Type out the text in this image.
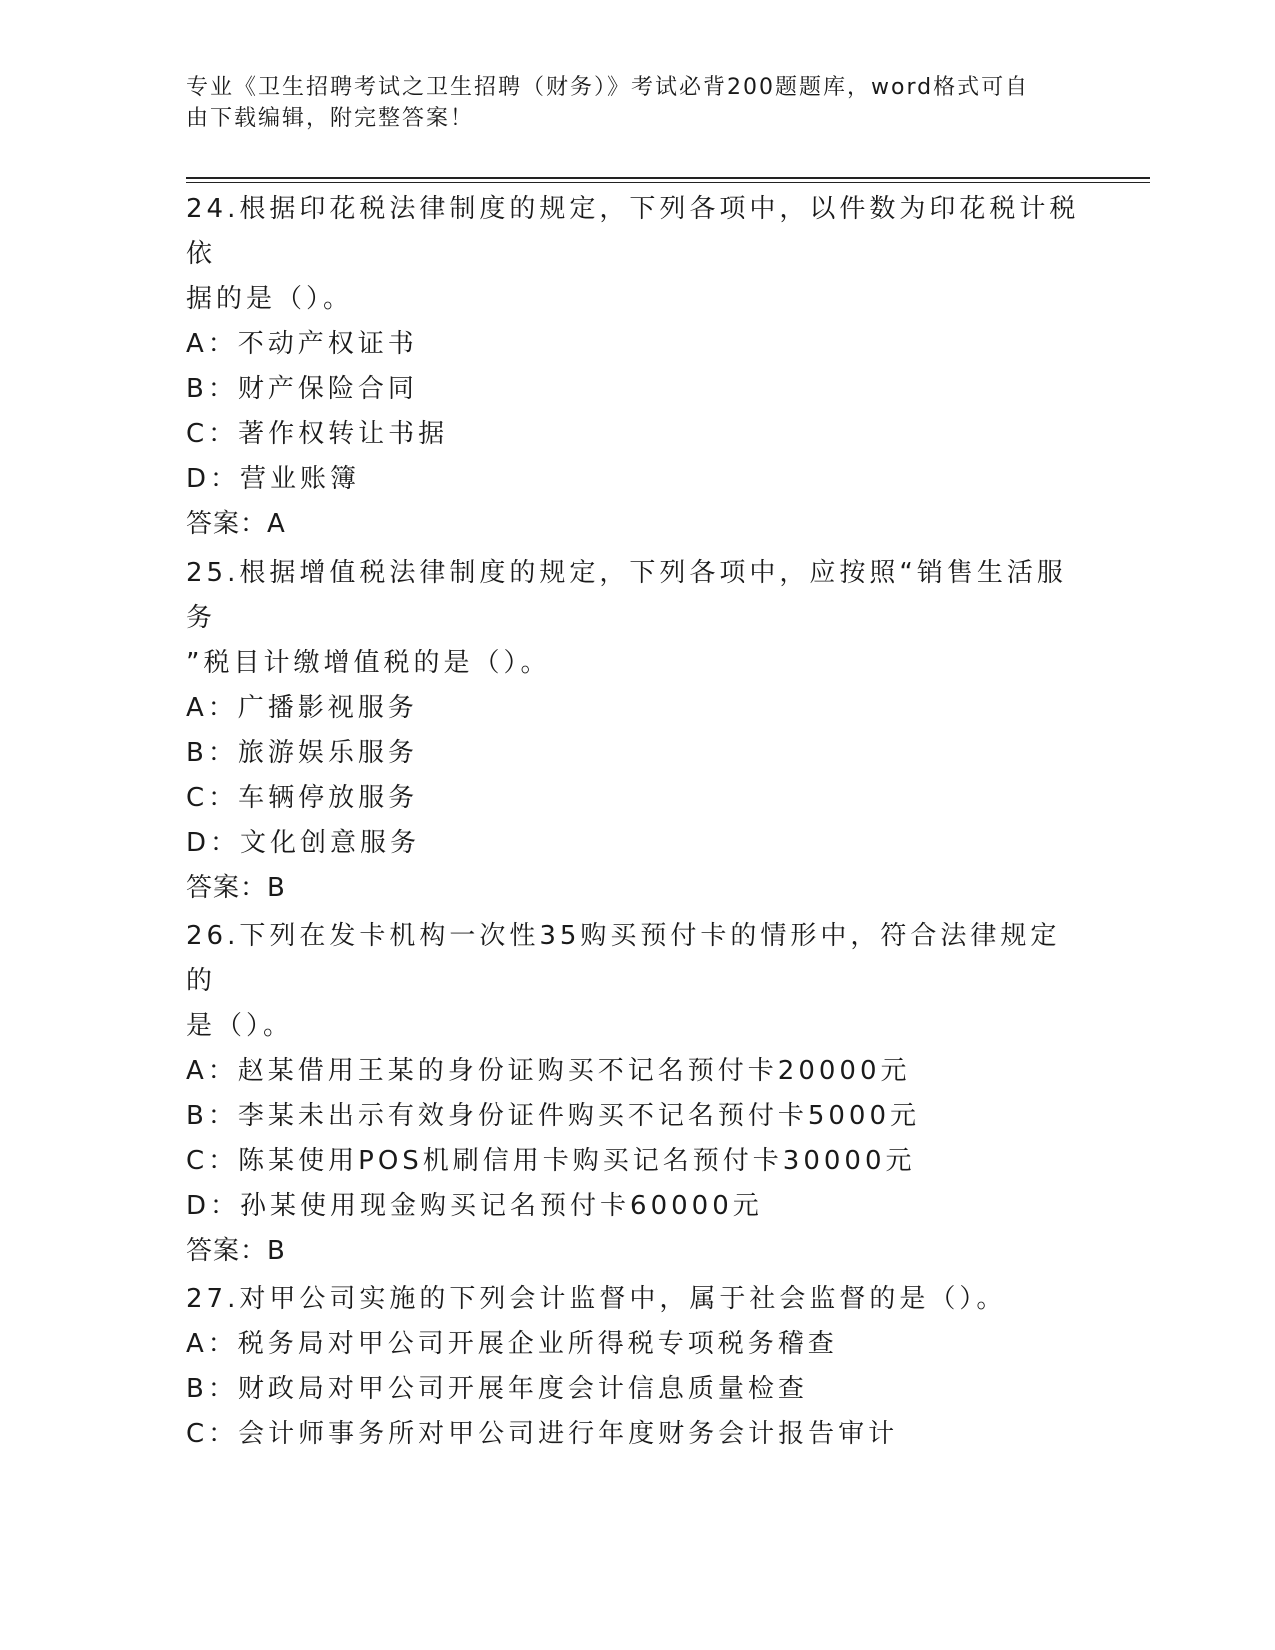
专业《卫生招聘考试之卫生招聘（财务）》考试必背200题题库，word格式可自
由下载编辑，附完整答案！
24.根据印花税法律制度的规定，下列各项中，以件数为印花税计税依
据的是（）。
A：不动产权证书
B：财产保险合同
C：著作权转让书据
D：营业账簿
答案：A
25.根据增值税法律制度的规定，下列各项中，应按照“销售生活服务
”税目计缴增值税的是（）。
A：广播影视服务
B：旅游娱乐服务
C：车辆停放服务
D：文化创意服务
答案：B
26.下列在发卡机构一次性35购买预付卡的情形中，符合法律规定的
是（）。
A：赵某借用王某的身份证购买不记名预付卡20000元
B：李某未出示有效身份证件购买不记名预付卡5000元
C：陈某使用POS机刷信用卡购买记名预付卡30000元
D：孙某使用现金购买记名预付卡60000元
答案：B
27.对甲公司实施的下列会计监督中，属于社会监督的是（）。
A：税务局对甲公司开展企业所得税专项税务稽查
B：财政局对甲公司开展年度会计信息质量检查
C：会计师事务所对甲公司进行年度财务会计报告审计
